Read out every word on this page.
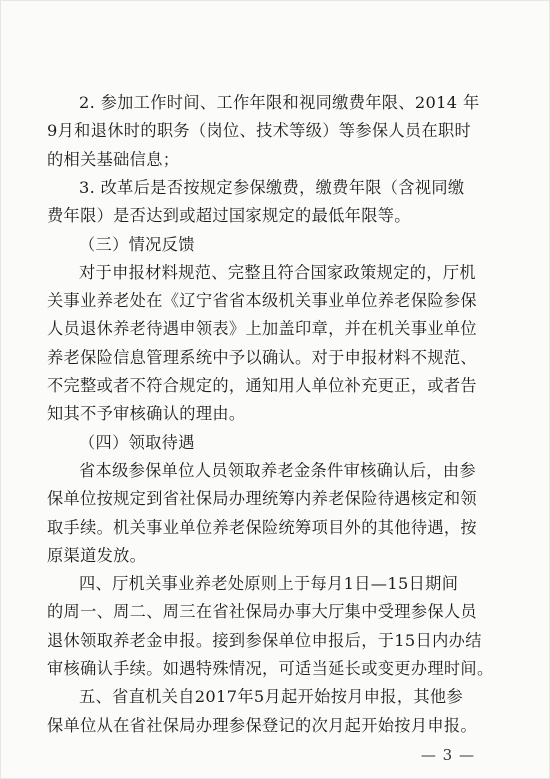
2. 参加工作时间、工作年限和视同缴费年限、2014 年
9月和退休时的职务（岗位、技术等级）等参保人员在职时
的相关基础信息；
3. 改革后是否按规定参保缴费，缴费年限（含视同缴
费年限）是否达到或超过国家规定的最低年限等。
（三）情况反馈
对于申报材料规范、完整且符合国家政策规定的，厅机
关事业养老处在《辽宁省省本级机关事业单位养老保险参保
人员退休养老待遇申领表》上加盖印章，并在机关事业单位
养老保险信息管理系统中予以确认。对于申报材料不规范、
不完整或者不符合规定的，通知用人单位补充更正，或者告
知其不予审核确认的理由。
（四）领取待遇
省本级参保单位人员领取养老金条件审核确认后，由参
保单位按规定到省社保局办理统筹内养老保险待遇核定和领
取手续。机关事业单位养老保险统筹项目外的其他待遇，按
原渠道发放。
四、厅机关事业养老处原则上于每月1日—15日期间
的周一、周二、周三在省社保局办事大厅集中受理参保人员
退休领取养老金申报。接到参保单位申报后，于15日内办结
审核确认手续。如遇特殊情况，可适当延长或变更办理时间。
五、省直机关自2017年5月起开始按月申报，其他参
保单位从在省社保局办理参保登记的次月起开始按月申报。
— 3 —
